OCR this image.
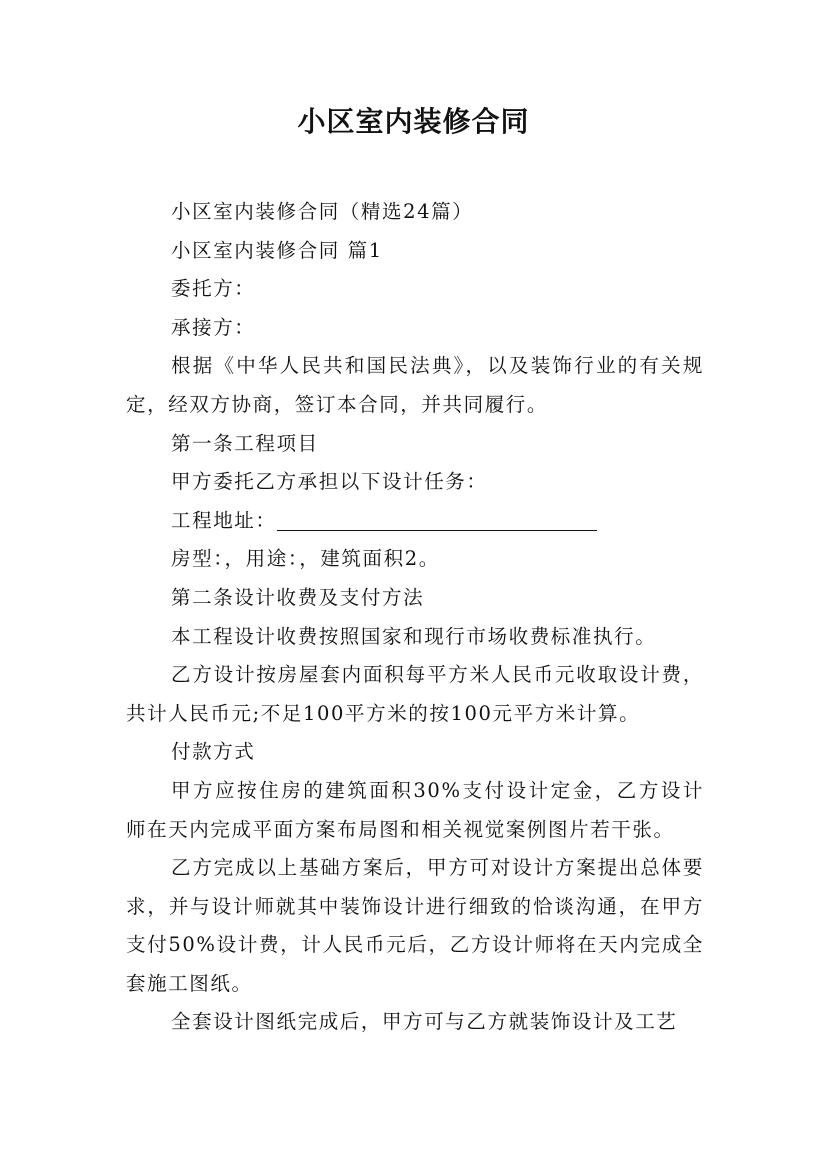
小区室内装修合同

小区室内装修合同（精选24篇）

小区室内装修合同 篇1

委托方：

承接方：

根据《中华人民共和国民法典》，以及装饰行业的有关规定，经双方协商，签订本合同，并共同履行。

第一条工程项目

甲方委托乙方承担以下设计任务：

工程地址：

房型：，用途：，建筑面积2。

第二条设计收费及支付方法

本工程设计收费按照国家和现行市场收费标准执行。

乙方设计按房屋套内面积每平方米人民币元收取设计费，共计人民币元;不足100平方米的按100元平方米计算。

付款方式

甲方应按住房的建筑面积30%支付设计定金，乙方设计师在天内完成平面方案布局图和相关视觉案例图片若干张。

乙方完成以上基础方案后，甲方可对设计方案提出总体要求，并与设计师就其中装饰设计进行细致的恰谈沟通，在甲方支付50%设计费，计人民币元后，乙方设计师将在天内完成全套施工图纸。

全套设计图纸完成后，甲方可与乙方就装饰设计及工艺
